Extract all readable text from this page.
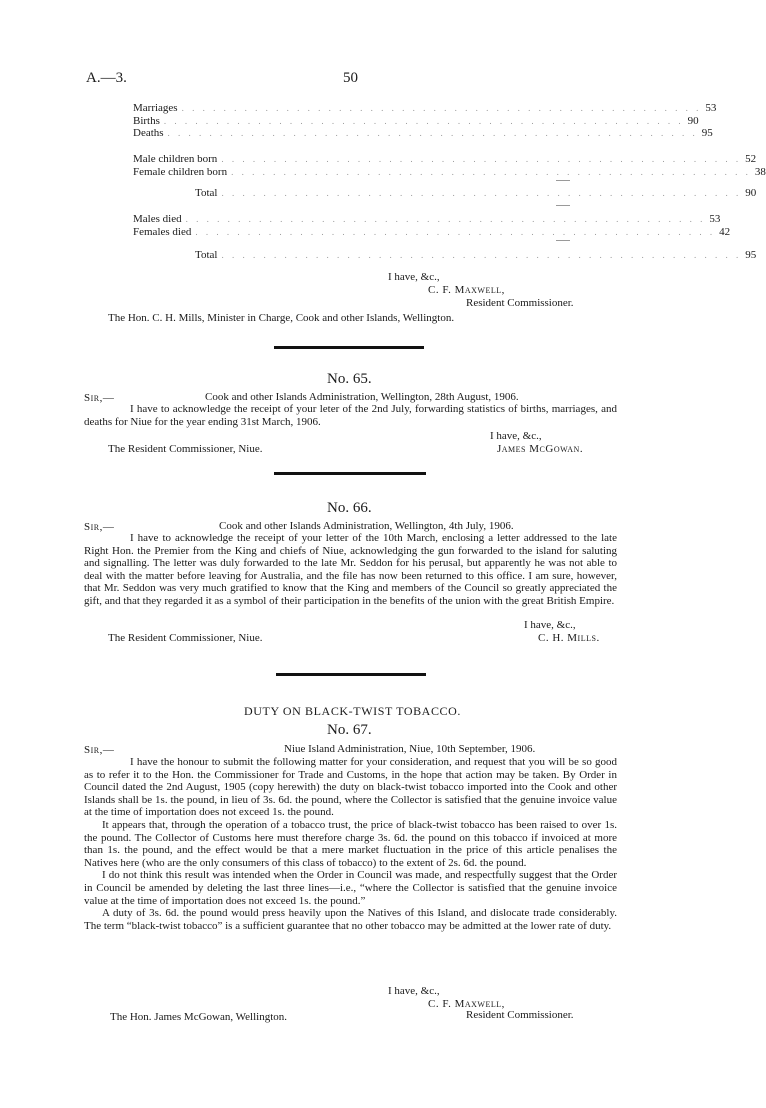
A.—3.	50
Marriages . . . . . . . . . . . . . . . . . . . . . . . . . . . . . . . . . . . . . . . . . . . . . . . . . . 53
Births . . . . . . . . . . . . . . . . . . . . . . . . . . . . . . . . . . . . . . . . . . . . . . . . . . 90
Deaths . . . . . . . . . . . . . . . . . . . . . . . . . . . . . . . . . . . . . . . . . . . . . . . . . . . 95
Male children born . . . . . . . . . . . . . . . . . . . . . . . . . . . . . . . . . . . . . . . . . . . . . . . . . . 52
Female children born . . . . . . . . . . . . . . . . . . . . . . . . . . . . . . . . . . . . . . . . . . . . . . . . . . 38
Total . . . . . . . . . . . . . . . . . . . . . . . . . . . . . . . . . . . . . . . . . . . . . . . . . . 90
Males died . . . . . . . . . . . . . . . . . . . . . . . . . . . . . . . . . . . . . . . . . . . . . . . . . . 53
Females died . . . . . . . . . . . . . . . . . . . . . . . . . . . . . . . . . . . . . . . . . . . . . . . . . . 42
Total . . . . . . . . . . . . . . . . . . . . . . . . . . . . . . . . . . . . . . . . . . . . . . . . . . 95
I have, &c.,
C. F. Maxwell,
Resident Commissioner.
The Hon. C. H. Mills, Minister in Charge, Cook and other Islands, Wellington.
No. 65.
Sir,—	Cook and other Islands Administration, Wellington, 28th August, 1906.

I have to acknowledge the receipt of your leter of the 2nd July, forwarding statistics of births, marriages, and deaths for Niue for the year ending 31st March, 1906.

I have, &c.,
The Resident Commissioner, Niue.	James McGowan.
No. 66.
Sir,—	Cook and other Islands Administration, Wellington, 4th July, 1906.

I have to acknowledge the receipt of your letter of the 10th March, enclosing a letter addressed to the late Right Hon. the Premier from the King and chiefs of Niue, acknowledging the gun forwarded to the island for saluting and signalling. The letter was duly forwarded to the late Mr. Seddon for his perusal, but apparently he was not able to deal with the matter before leaving for Australia, and the file has now been returned to this office. I am sure, however, that Mr. Seddon was very much gratified to know that the King and members of the Council so greatly appreciated the gift, and that they regarded it as a symbol of their participation in the benefits of the union with the great British Empire.

I have, &c.,
The Resident Commissioner, Niue.	C. H. Mills.
DUTY ON BLACK-TWIST TOBACCO.
No. 67.
Sir,—	Niue Island Administration, Niue, 10th September, 1906.

I have the honour to submit the following matter for your consideration, and request that you will be so good as to refer it to the Hon. the Commissioner for Trade and Customs, in the hope that action may be taken. By Order in Council dated the 2nd August, 1905 (copy herewith) the duty on black-twist tobacco imported into the Cook and other Islands shall be 1s. the pound, in lieu of 3s. 6d. the pound, where the Collector is satisfied that the genuine invoice value at the time of importation does not exceed 1s. the pound.

It appears that, through the operation of a tobacco trust, the price of black-twist tobacco has been raised to over 1s. the pound. The Collector of Customs here must therefore charge 3s. 6d. the pound on this tobacco if invoiced at more than 1s. the pound, and the effect would be that a mere market fluctuation in the price of this article penalises the Natives here (who are the only consumers of this class of tobacco) to the extent of 2s. 6d. the pound.

I do not think this result was intended when the Order in Council was made, and respectfully suggest that the Order in Council be amended by deleting the last three lines—i.e., “where the Collector is satisfied that the genuine invoice value at the time of importation does not exceed 1s. the pound.”

A duty of 3s. 6d. the pound would press heavily upon the Natives of this Island, and dislocate trade considerably. The term “black-twist tobacco” is a sufficient guarantee that no other tobacco may be admitted at the lower rate of duty.

I have, &c.,
C. F. Maxwell,
The Hon. James McGowan, Wellington.	Resident Commissioner.
